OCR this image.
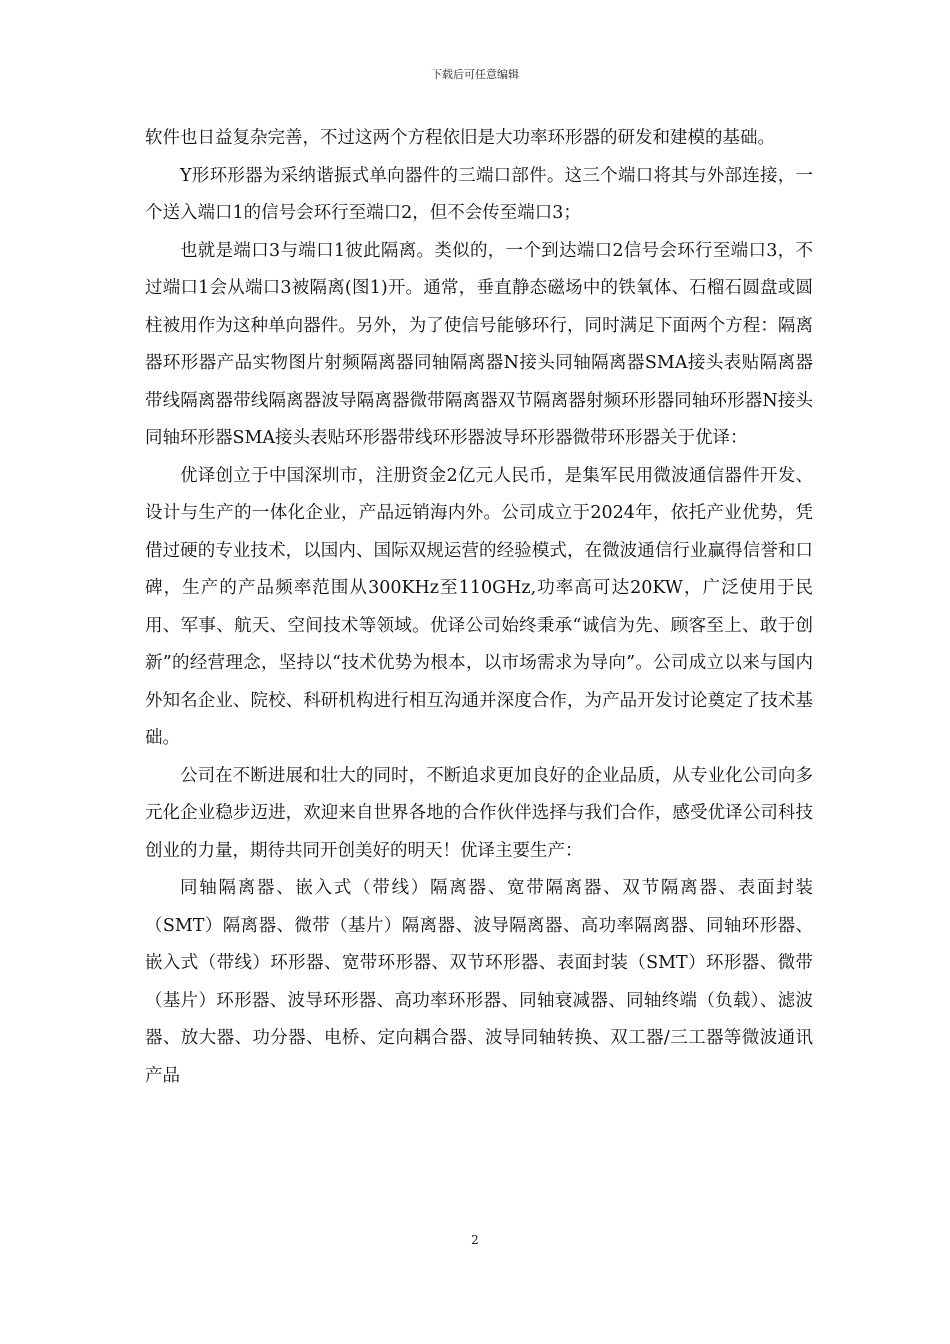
下载后可任意编辑

软件也日益复杂完善，不过这两个方程依旧是大功率环形器的研发和建模的基础。

Y形环形器为采纳谐振式单向器件的三端口部件。这三个端口将其与外部连接，一个送入端口1的信号会环行至端口2，但不会传至端口3；

也就是端口3与端口1彼此隔离。类似的，一个到达端口2信号会环行至端口3，不过端口1会从端口3被隔离(图1)开。通常，垂直静态磁场中的铁氧体、石榴石圆盘或圆柱被用作为这种单向器件。另外，为了使信号能够环行，同时满足下面两个方程：隔离器环形器产品实物图片射频隔离器同轴隔离器N接头同轴隔离器SMA接头表贴隔离器带线隔离器带线隔离器波导隔离器微带隔离器双节隔离器射频环形器同轴环形器N接头同轴环形器SMA接头表贴环形器带线环形器波导环形器微带环形器关于优译：

优译创立于中国深圳市，注册资金2亿元人民币，是集军民用微波通信器件开发、设计与生产的一体化企业，产品远销海内外。公司成立于2024年，依托产业优势，凭借过硬的专业技术，以国内、国际双规运营的经验模式，在微波通信行业赢得信誉和口碑，生产的产品频率范围从300KHz至110GHz,功率高可达20KW，广泛使用于民用、军事、航天、空间技术等领域。优译公司始终秉承“诚信为先、顾客至上、敢于创新”的经营理念，坚持以“技术优势为根本，以市场需求为导向”。公司成立以来与国内外知名企业、院校、科研机构进行相互沟通并深度合作，为产品开发讨论奠定了技术基础。

公司在不断进展和壮大的同时，不断追求更加良好的企业品质，从专业化公司向多元化企业稳步迈进，欢迎来自世界各地的合作伙伴选择与我们合作，感受优译公司科技创业的力量，期待共同开创美好的明天！优译主要生产：

同轴隔离器、嵌入式（带线）隔离器、宽带隔离器、双节隔离器、表面封装（SMT）隔离器、微带（基片）隔离器、波导隔离器、高功率隔离器、同轴环形器、嵌入式（带线）环形器、宽带环形器、双节环形器、表面封装（SMT）环形器、微带（基片）环形器、波导环形器、高功率环形器、同轴衰减器、同轴终端（负载）、滤波器、放大器、功分器、电桥、定向耦合器、波导同轴转换、双工器/三工器等微波通讯产品

2
